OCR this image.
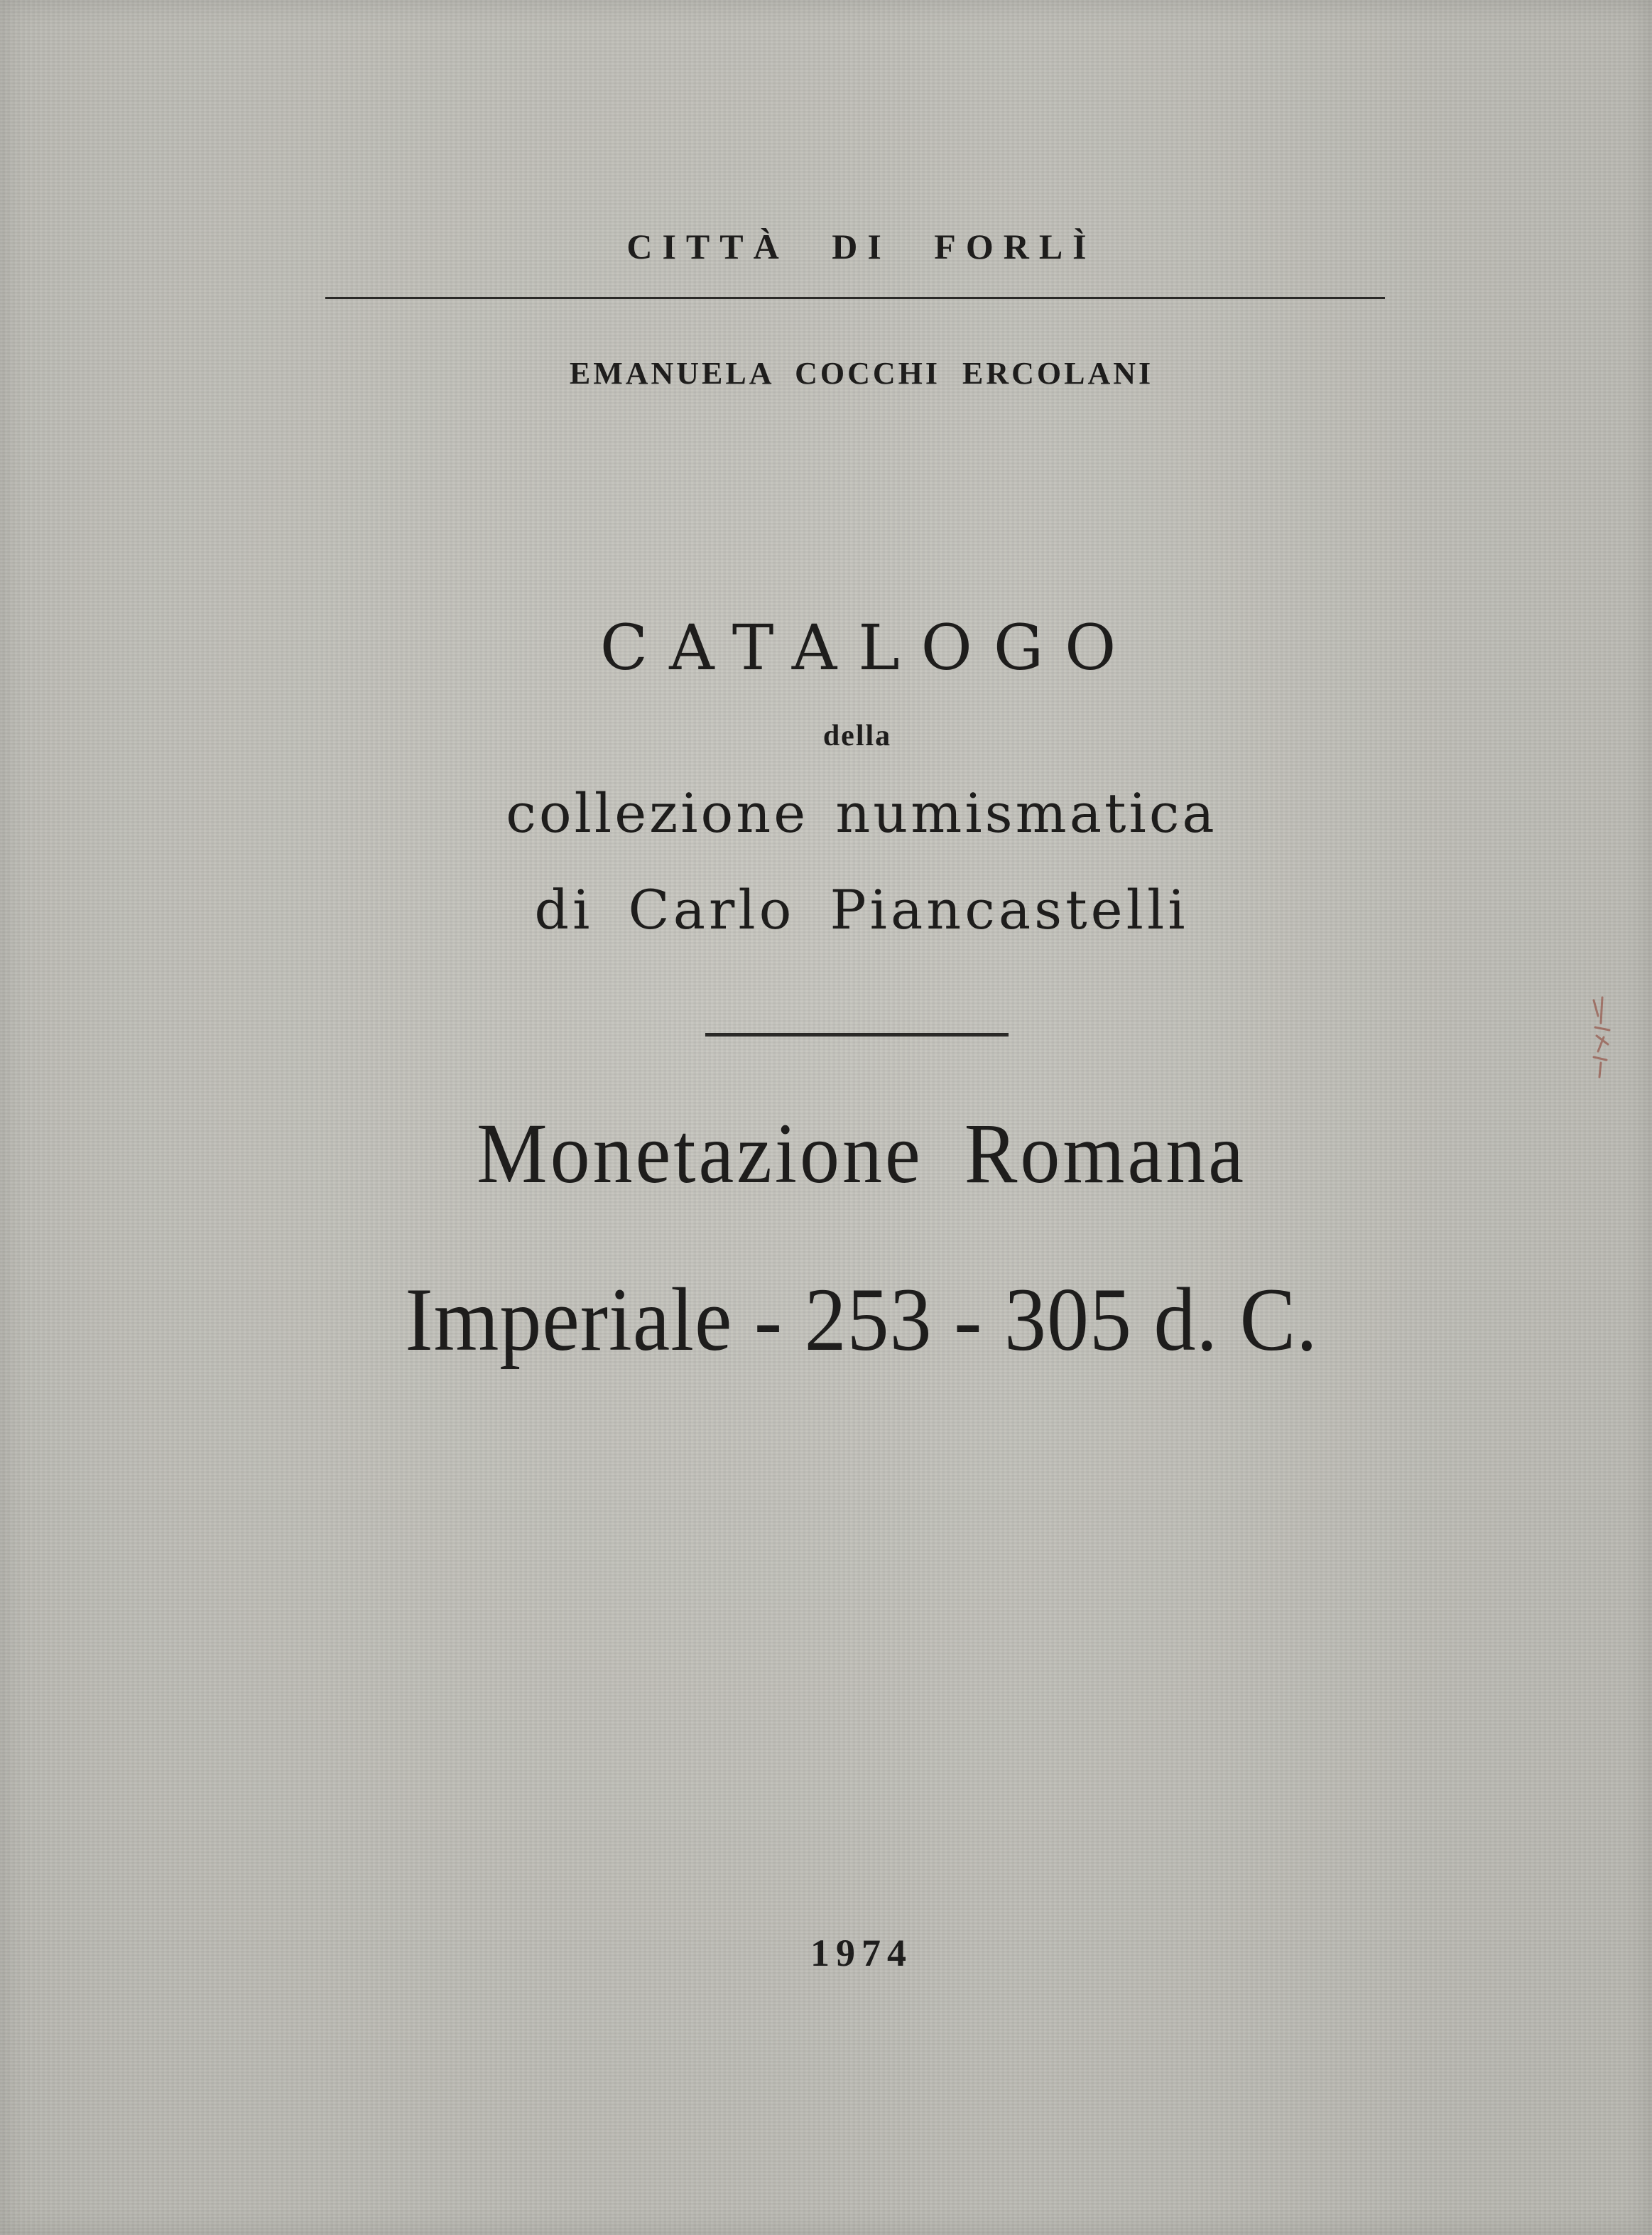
CITTÀ DI FORLÌ
EMANUELA COCCHI ERCOLANI
CATALOGO
della
collezione numismatica
di Carlo Piancastelli
Monetazione Romana
Imperiale - 253 - 305 d. C.
1974
